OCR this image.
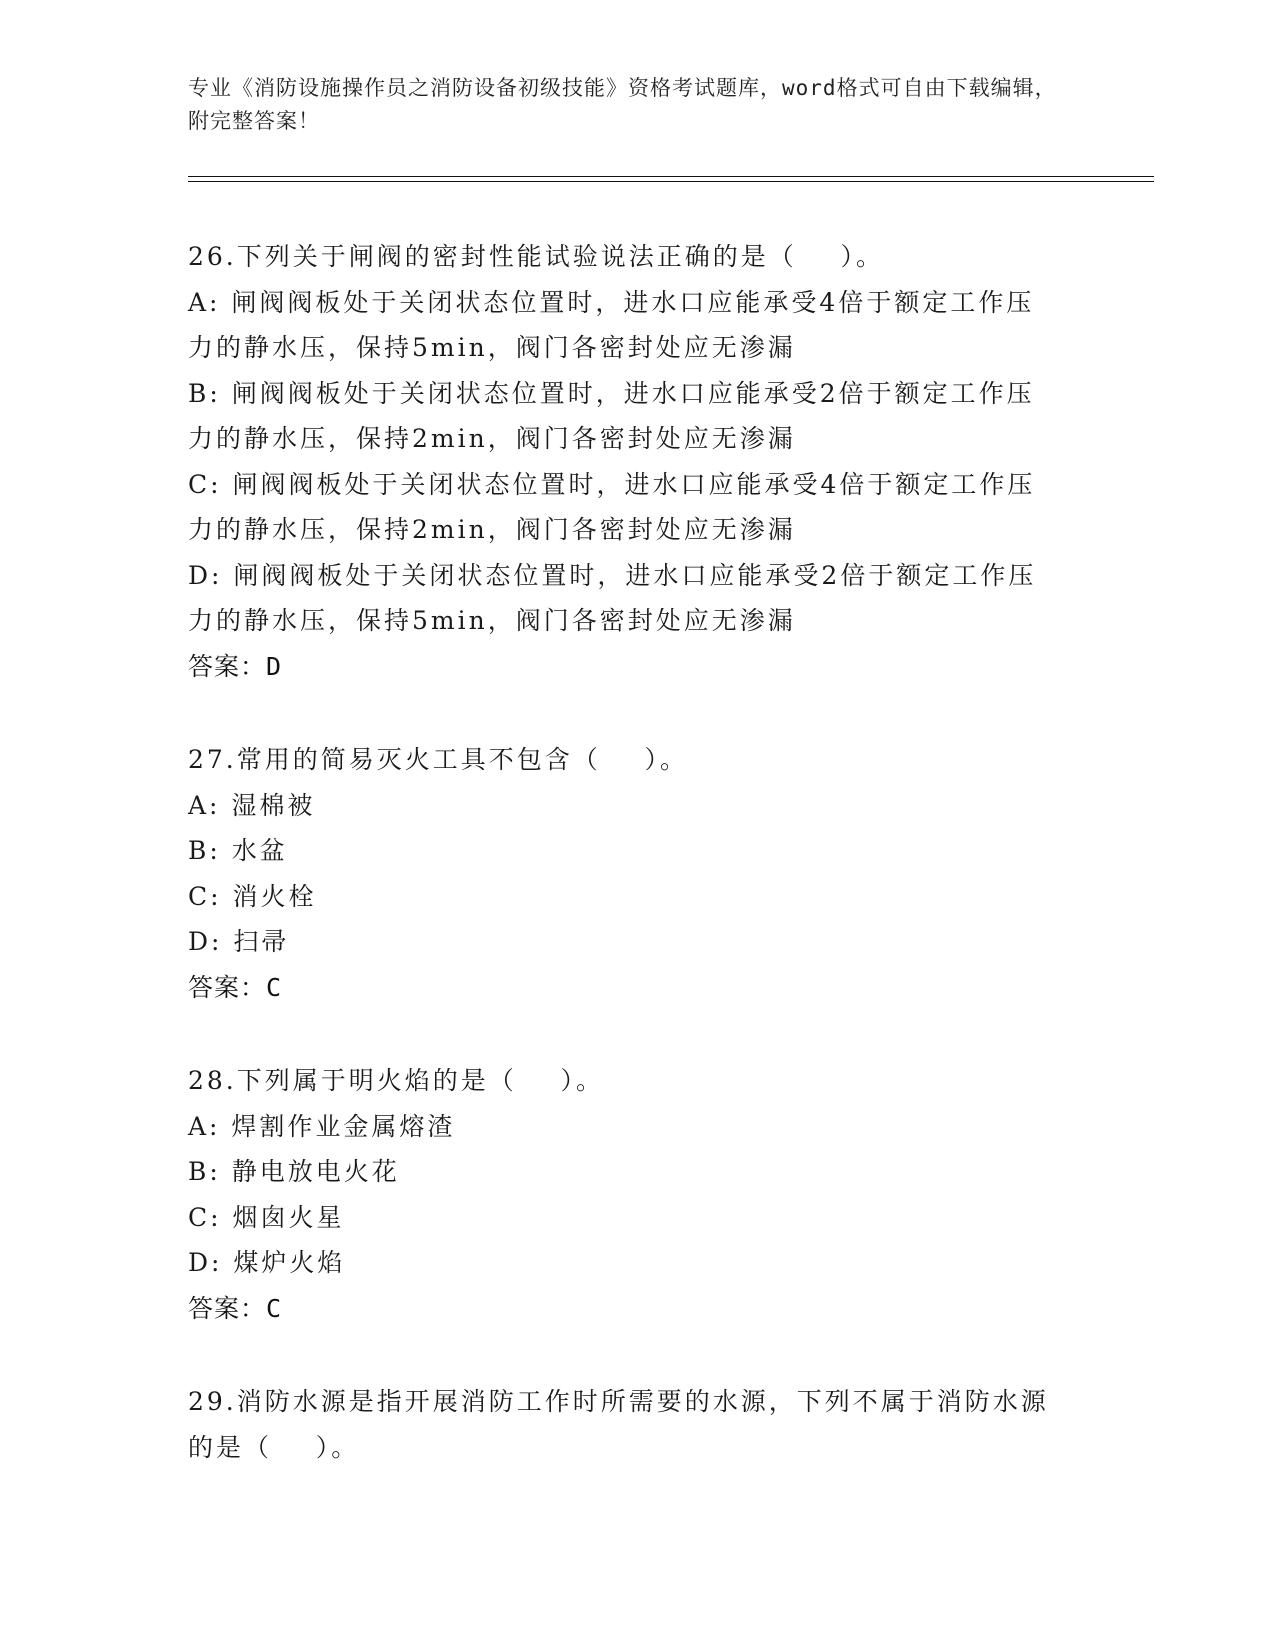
专业《消防设施操作员之消防设备初级技能》资格考试题库，word格式可自由下载编辑，附完整答案！
26.下列关于闸阀的密封性能试验说法正确的是（    ）。
A: 闸阀阀板处于关闭状态位置时，进水口应能承受4倍于额定工作压
力的静水压，保持5min，阀门各密封处应无渗漏
B: 闸阀阀板处于关闭状态位置时，进水口应能承受2倍于额定工作压
力的静水压，保持2min，阀门各密封处应无渗漏
C: 闸阀阀板处于关闭状态位置时，进水口应能承受4倍于额定工作压
力的静水压，保持2min，阀门各密封处应无渗漏
D: 闸阀阀板处于关闭状态位置时，进水口应能承受2倍于额定工作压
力的静水压，保持5min，阀门各密封处应无渗漏
答案：D
27.常用的简易灭火工具不包含（    ）。
A: 湿棉被
B: 水盆
C: 消火栓
D: 扫帚
答案：C
28.下列属于明火焰的是（    ）。
A: 焊割作业金属熔渣
B: 静电放电火花
C: 烟囱火星
D: 煤炉火焰
答案：C
29.消防水源是指开展消防工作时所需要的水源，下列不属于消防水源
的是（    ）。
